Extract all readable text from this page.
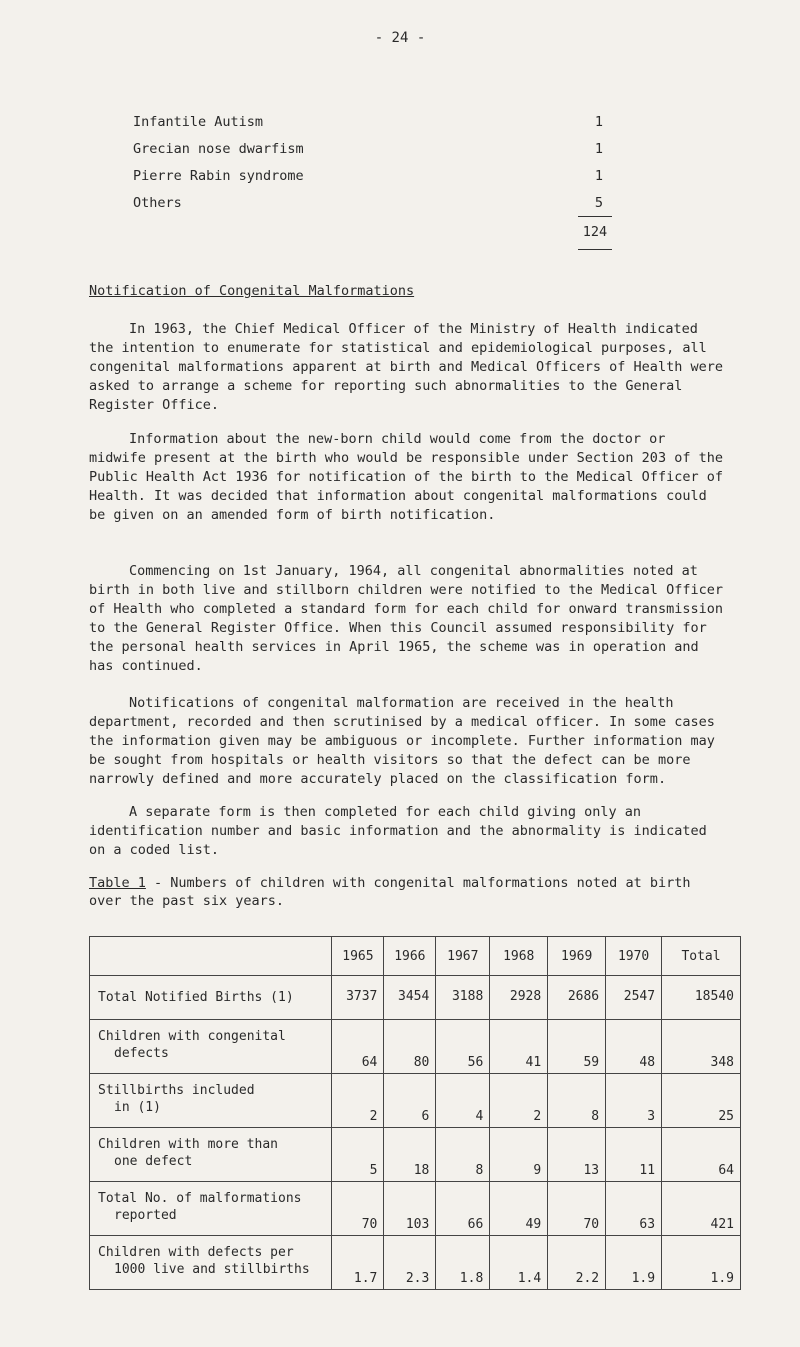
- 24 -
Infantile Autism	1
Grecian nose dwarfism	1
Pierre Rabin syndrome	1
Others	5
124
Notification of Congenital Malformations

In 1963, the Chief Medical Officer of the Ministry of Health indicated the intention to enumerate for statistical and epidemiological purposes, all congenital malformations apparent at birth and Medical Officers of Health were asked to arrange a scheme for reporting such abnormalities to the General Register Office.

Information about the new-born child would come from the doctor or midwife present at the birth who would be responsible under Section 203 of the Public Health Act 1936 for notification of the birth to the Medical Officer of Health. It was decided that information about congenital malformations could be given on an amended form of birth notification.

Commencing on 1st January, 1964, all congenital abnormalities noted at birth in both live and stillborn children were notified to the Medical Officer of Health who completed a standard form for each child for onward transmission to the General Register Office. When this Council assumed responsibility for the personal health services in April 1965, the scheme was in operation and has continued.

Notifications of congenital malformation are received in the health department, recorded and then scrutinised by a medical officer. In some cases the information given may be ambiguous or incomplete. Further information may be sought from hospitals or health visitors so that the defect can be more narrowly defined and more accurately placed on the classification form.

A separate form is then completed for each child giving only an identification number and basic information and the abnormality is indicated on a coded list.

Table 1 - Numbers of children with congenital malformations noted at birth over the past six years.

	1965	1966	1967	1968	1969	1970	Total
Total Notified Births (1)	3737	3454	3188	2928	2686	2547	18540

Children with congenital
defects	64	80	56	41	59	48	348

Stillbirths included
in (1)	2	6	4	2	8	3	25

Children with more than
one defect	5	18	8	9	13	11	64

Total No. of malformations
reported	70	103	66	49	70	63	421

Children with defects per
1000 live and stillbirths	1.7	2.3	1.8	1.4	2.2	1.9	1.9
